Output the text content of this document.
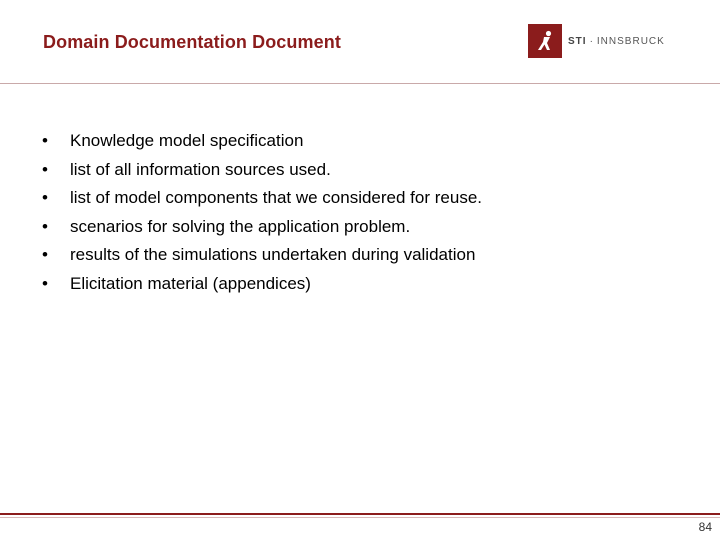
Domain Documentation Document	STI · INNSBRUCK
•	Knowledge model specification
•	list of all information sources used.
•	list of model components that we considered for reuse.
•	scenarios for solving the application problem.
•	results of the simulations undertaken during validation
•	Elicitation material (appendices)
84
